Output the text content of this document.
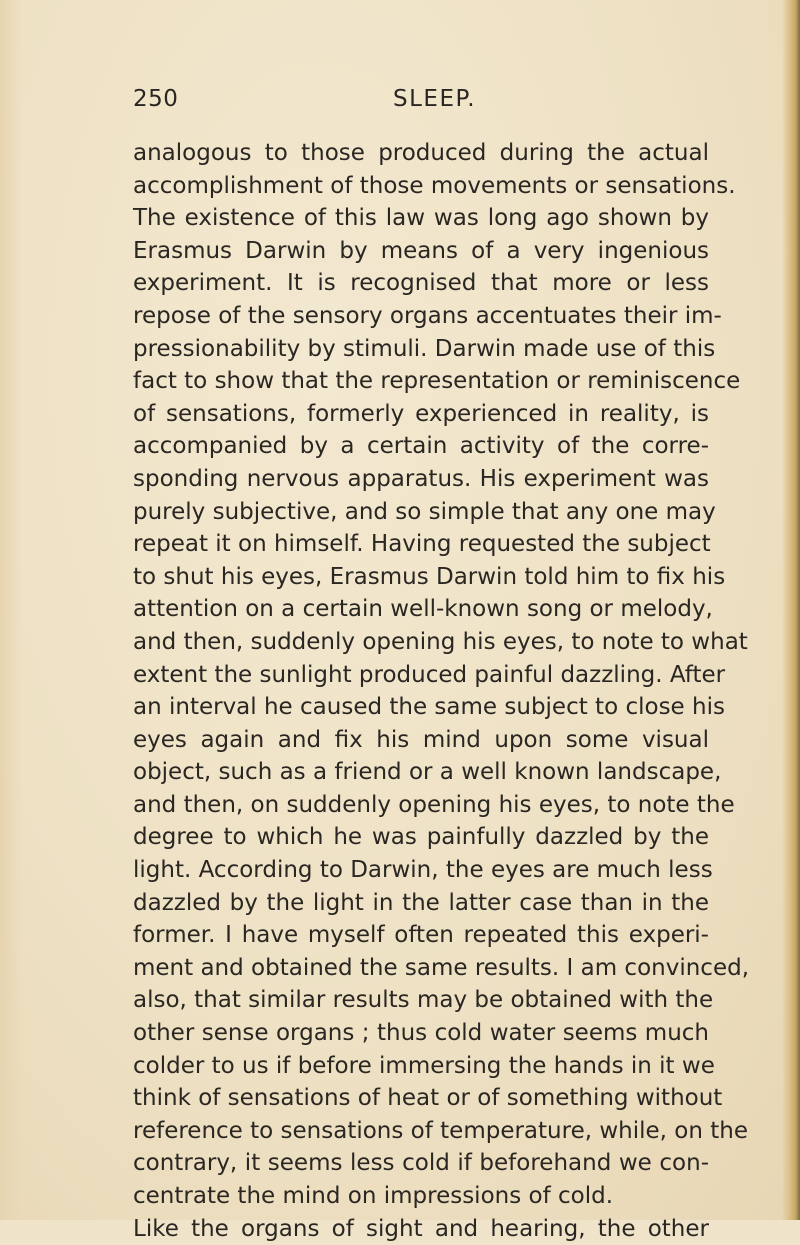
250	SLEEP.
analogous to those produced during the actual
accomplishment of those movements or sensations.
The existence of this law was long ago shown by
Erasmus Darwin by means of a very ingenious
experiment. It is recognised that more or less
repose of the sensory organs accentuates their im-
pressionability by stimuli. Darwin made use of this
fact to show that the representation or reminiscence
of sensations, formerly experienced in reality, is
accompanied by a certain activity of the corre-
sponding nervous apparatus. His experiment was
purely subjective, and so simple that any one may
repeat it on himself. Having requested the subject
to shut his eyes, Erasmus Darwin told him to fix his
attention on a certain well-known song or melody,
and then, suddenly opening his eyes, to note to what
extent the sunlight produced painful dazzling. After
an interval he caused the same subject to close his
eyes again and fix his mind upon some visual
object, such as a friend or a well known landscape,
and then, on suddenly opening his eyes, to note the
degree to which he was painfully dazzled by the
light. According to Darwin, the eyes are much less
dazzled by the light in the latter case than in the
former. I have myself often repeated this experi-
ment and obtained the same results. I am convinced,
also, that similar results may be obtained with the
other sense organs ; thus cold water seems much
colder to us if before immersing the hands in it we
think of sensations of heat or of something without
reference to sensations of temperature, while, on the
contrary, it seems less cold if beforehand we con-
centrate the mind on impressions of cold.
Like the organs of sight and hearing, the other
